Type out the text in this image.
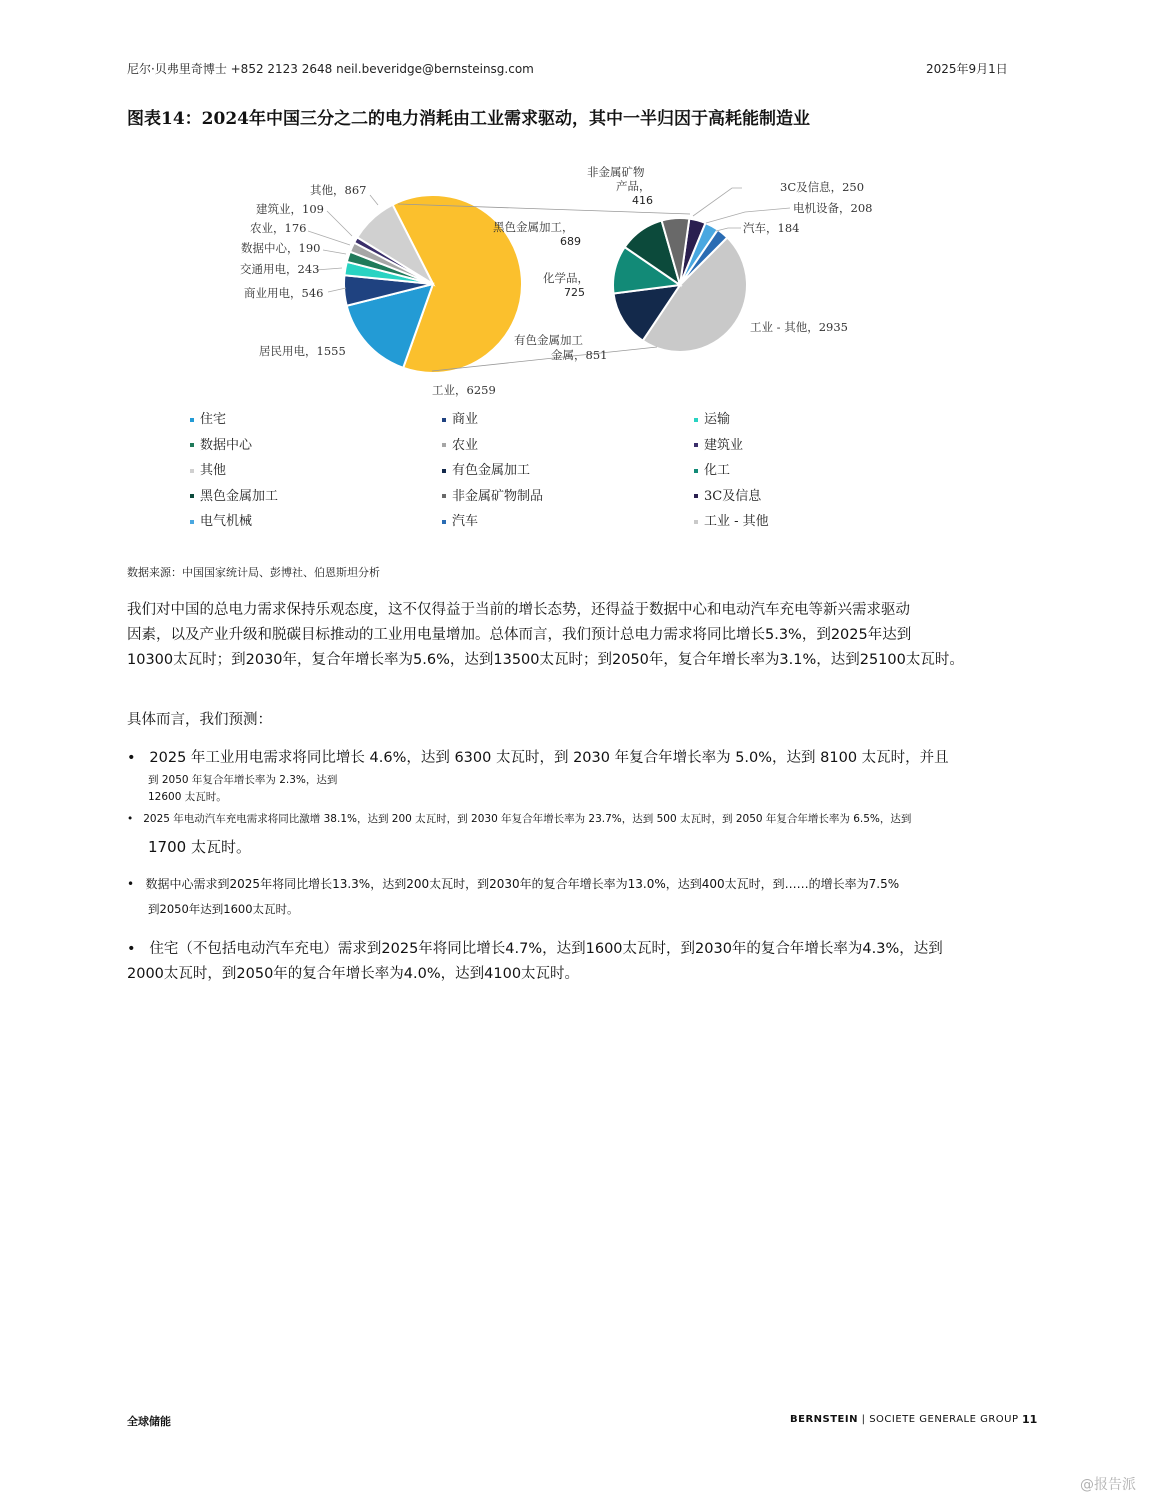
尼尔·贝弗里奇博士 +852 2123 2648 neil.beveridge@bernsteinsg.com	2025年9月1日
图表14：2024年中国三分之二的电力消耗由工业需求驱动，其中一半归因于高耗能制造业
其他，867
建筑业，109
农业，176
数据中心，190
交通用电，243
商业用电，546
居民用电，1555
工业，6259
非金属矿物
产品，
416
黑色金属加工，
689
化学品，
725
有色金属加工
金属，851
3C及信息，250
电机设备，208
汽车，184
工业 - 其他，2935
住宅	商业	运输
数据中心	农业	建筑业
其他	有色金属加工	化工
黑色金属加工	非金属矿物制品	3C及信息
电气机械	汽车	工业 - 其他
数据来源：中国国家统计局、彭博社、伯恩斯坦分析
我们对中国的总电力需求保持乐观态度，这不仅得益于当前的增长态势，还得益于数据中心和电动汽车充电等新兴需求驱动
因素，以及产业升级和脱碳目标推动的工业用电量增加。总体而言，我们预计总电力需求将同比增长5.3%，到2025年达到
10300太瓦时；到2030年，复合年增长率为5.6%，达到13500太瓦时；到2050年，复合年增长率为3.1%，达到25100太瓦时。
具体而言，我们预测：
•   2025 年工业用电需求将同比增长 4.6%，达到 6300 太瓦时，到 2030 年复合年增长率为 5.0%，达到 8100 太瓦时，并且
到 2050 年复合年增长率为 2.3%，达到
12600 太瓦时。
•   2025 年电动汽车充电需求将同比激增 38.1%，达到 200 太瓦时，到 2030 年复合年增长率为 23.7%，达到 500 太瓦时，到 2050 年复合年增长率为 6.5%，达到
1700 太瓦时。
•   数据中心需求到2025年将同比增长13.3%，达到200太瓦时，到2030年的复合年增长率为13.0%，达到400太瓦时，到……的增长率为7.5%
到2050年达到1600太瓦时。
•   住宅（不包括电动汽车充电）需求到2025年将同比增长4.7%，达到1600太瓦时，到2030年的复合年增长率为4.3%，达到
2000太瓦时，到2050年的复合年增长率为4.0%，达到4100太瓦时。
全球储能	BERNSTEIN | SOCIETE GENERALE GROUP 11
@报告派
